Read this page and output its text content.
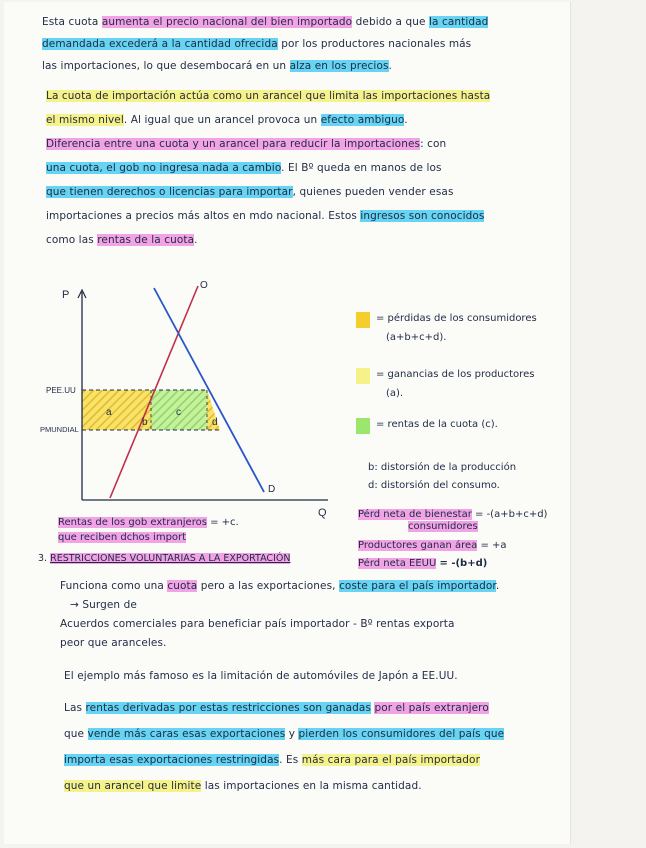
Esta cuota aumenta el precio nacional del bien importado debido a que la cantidad
demandada excederá a la cantidad ofrecida por los productores nacionales más
las importaciones, lo que desembocará en un alza en los precios.
La cuota de importación actúa como un arancel que limita las importaciones hasta
el mismo nivel. Al igual que un arancel provoca un efecto ambiguo.
Diferencia entre una cuota y un arancel para reducir la importaciones: con
una cuota, el gob no ingresa nada a cambio. El Bº queda en manos de los
que tienen derechos o licencias para importar, quienes pueden vender esas
importaciones a precios más altos en mdo nacional. Estos ingresos son conocidos
como las rentas de la cuota.
P
Q
O
D
PEE.UU
PMUNDIAL
a
b
c
d
= pérdidas de los consumidores
(a+b+c+d).
= ganancias de los productores
(a).
= rentas de la cuota (c).
b: distorsión de la producción
d: distorsión del consumo.
Rentas de los gob extranjeros = +c.
que reciben dchos import
Pérd neta de bienestar = -(a+b+c+d)
consumidores
Productores ganan área = +a
Pérd neta EEUU = -(b+d)
3. RESTRICCIONES VOLUNTARIAS A LA EXPORTACIÓN
Funciona como una cuota pero a las exportaciones, coste para el país importador.
→ Surgen de
Acuerdos comerciales para beneficiar país importador - Bº rentas exporta
peor que aranceles.
El ejemplo más famoso es la limitación de automóviles de Japón a EE.UU.
Las rentas derivadas por estas restricciones son ganadas por el país extranjero
que vende más caras esas exportaciones y pierden los consumidores del país que
importa esas exportaciones restringidas. Es más cara para el país importador
que un arancel que limite las importaciones en la misma cantidad.
